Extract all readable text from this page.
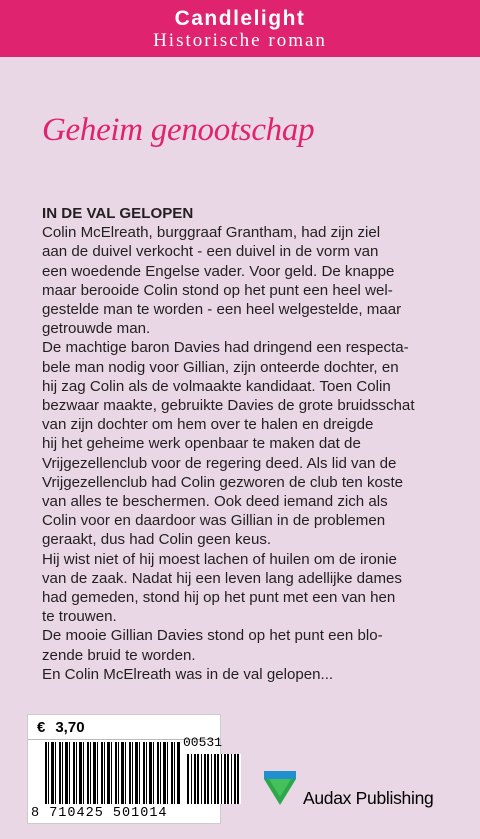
Candlelight
Historische roman
Geheim genootschap
IN DE VAL GELOPEN
Colin McElreath, burggraaf Grantham, had zijn ziel
aan de duivel verkocht - een duivel in de vorm van
een woedende Engelse vader. Voor geld. De knappe
maar berooide Colin stond op het punt een heel wel-
gestelde man te worden - een heel welgestelde, maar
getrouwde man.
De machtige baron Davies had dringend een respecta-
bele man nodig voor Gillian, zijn onteerde dochter, en
hij zag Colin als de volmaakte kandidaat. Toen Colin
bezwaar maakte, gebruikte Davies de grote bruidsschat
van zijn dochter om hem over te halen en dreigde
hij het geheime werk openbaar te maken dat de
Vrijgezellenclub voor de regering deed. Als lid van de
Vrijgezellenclub had Colin gezworen de club ten koste
van alles te beschermen. Ook deed iemand zich als
Colin voor en daardoor was Gillian in de problemen
geraakt, dus had Colin geen keus.
Hij wist niet of hij moest lachen of huilen om de ironie
van de zaak. Nadat hij een leven lang adellijke dames
had gemeden, stond hij op het punt met een van hen
te trouwen.
De mooie Gillian Davies stond op het punt een blo-
zende bruid te worden.
En Colin McElreath was in de val gelopen...
€ 3,70
00531
8 710425 501014
Audax Publishing
